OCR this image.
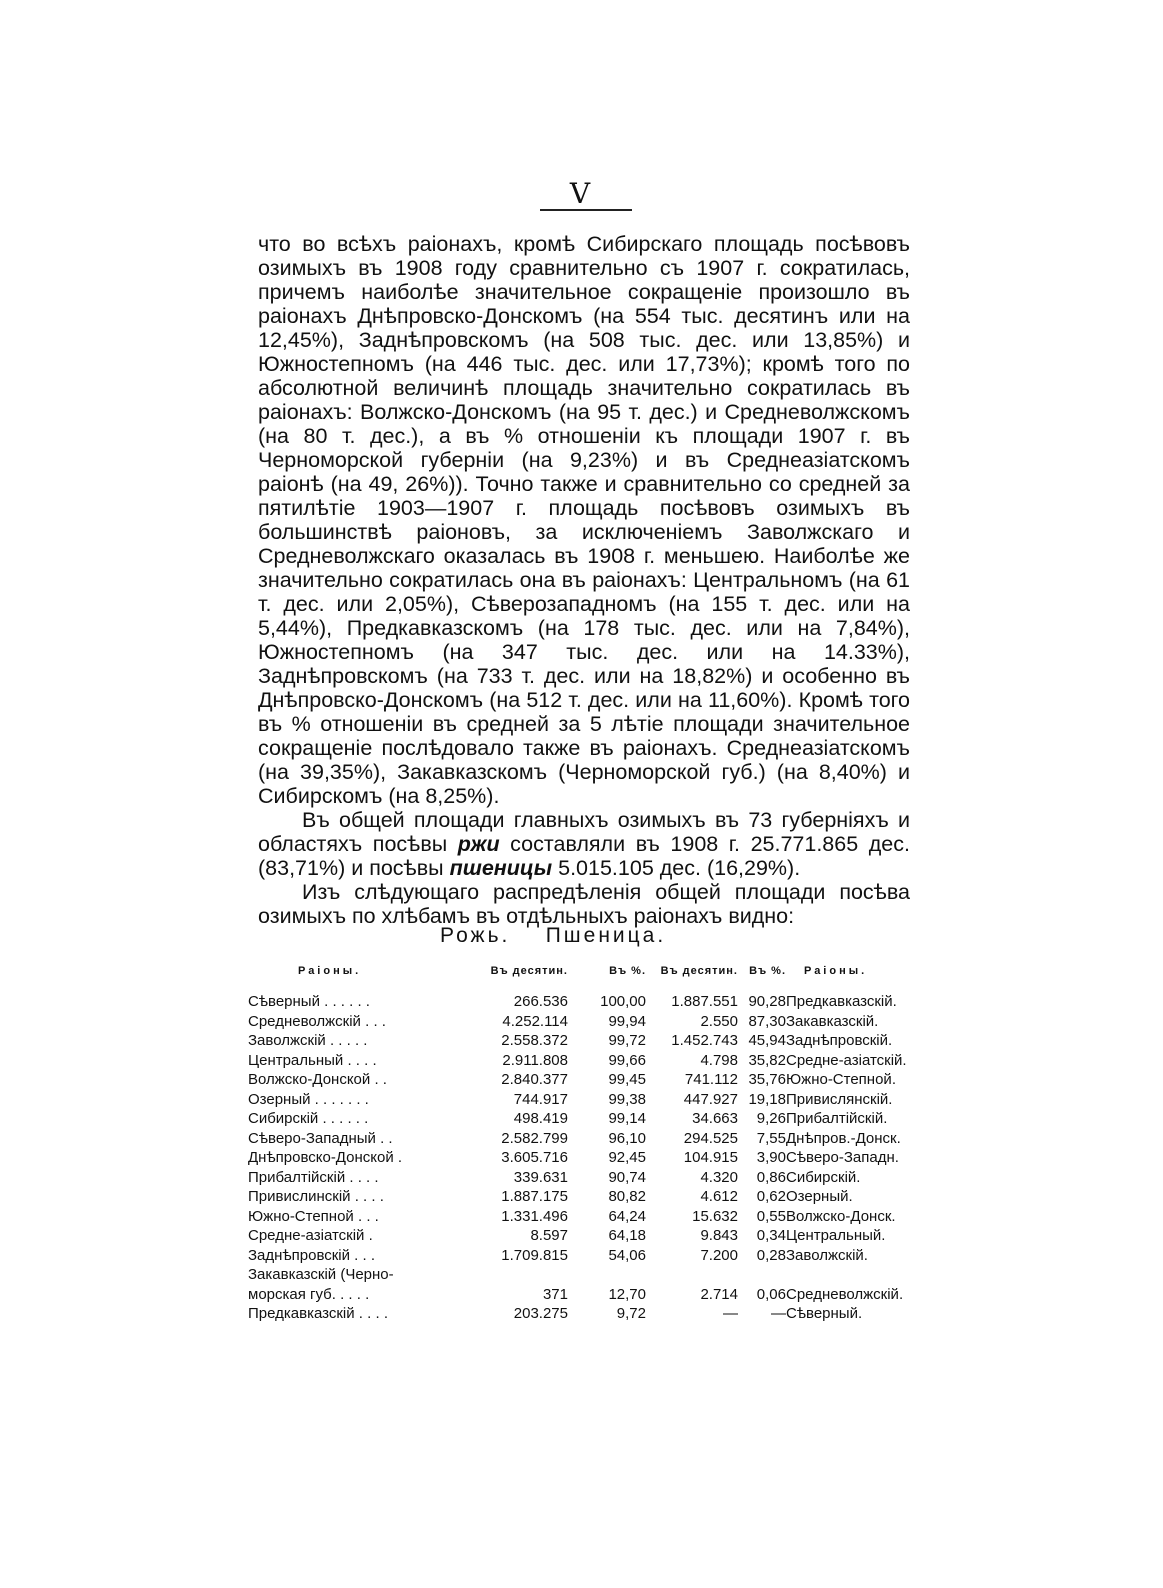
V

что во всѣхъ раіонахъ, кромѣ Сибирскаго площадь посѣвовъ озимыхъ въ 1908 году сравнительно съ 1907 г. сократилась, причемъ наиболѣе значительное сокращеніе произошло въ раіонахъ Днѣпровско-Донскомъ (на 554 тыс. десятинъ или на 12,45%), Заднѣпровскомъ (на 508 тыс. дес. или 13,85%) и Южностепномъ (на 446 тыс. дес. или 17,73%); кромѣ того по абсолютной величинѣ площадь значительно сократилась въ раіонахъ: Волжско-Донскомъ (на 95 т. дес.) и Средневолжскомъ (на 80 т. дес.), а въ % отношеніи къ площади 1907 г. въ Черноморской губерніи (на 9,23%) и въ Среднеазіатскомъ раіонѣ (на 49, 26%)). Точно также и сравнительно со средней за пятилѣтіе 1903—1907 г. площадь посѣвовъ озимыхъ въ большинствѣ раіоновъ, за исключеніемъ Заволжскаго и Средневолжскаго оказалась въ 1908 г. меньшею. Наиболѣе же значительно сократилась она въ раіонахъ: Центральномъ (на 61 т. дес. или 2,05%), Сѣверозападномъ (на 155 т. дес. или на 5,44%), Предкавказскомъ (на 178 тыс. дес. или на 7,84%), Южностепномъ (на 347 тыс. дес. или на 14.33%), Заднѣпровскомъ (на 733 т. дес. или на 18,82%) и особенно въ Днѣпровско-Донскомъ (на 512 т. дес. или на 11,60%). Кромѣ того въ % отношеніи въ средней за 5 лѣтіе площади значительное сокращеніе послѣдовало также въ раіонахъ. Среднеазіатскомъ (на 39,35%), Закавказскомъ (Черноморской губ.) (на 8,40%) и Сибирскомъ (на 8,25%).

Въ общей площади главныхъ озимыхъ въ 73 губерніяхъ и областяхъ посѣвы ржи составляли въ 1908 г. 25.771.865 дес. (83,71%) и посѣвы пшеницы 5.015.105 дес. (16,29%).

Изъ слѣдующаго распредѣленія общей площади посѣва озимыхъ по хлѣбамъ въ отдѣльныхъ раіонахъ видно:

Рожь. Пшеница.
Раіоны.	Въ десятин.	Въ %.	Въ десятин.	Въ %.	Раіоны.
Сѣверный . . . . . .	266.536	100,00	1.887.551	90,28	Предкавказскій.
Средневолжскій . . .	4.252.114	99,94	2.550	87,30	Закавказскій.
Заволжскій . . . . .	2.558.372	99,72	1.452.743	45,94	Заднѣпровскій.
Центральный . . . .	2.911.808	99,66	4.798	35,82	Средне-азіатскій.
Волжско-Донской . .	2.840.377	99,45	741.112	35,76	Южно-Степной.
Озерный . . . . . . .	744.917	99,38	447.927	19,18	Привислянскій.
Сибирскій . . . . . .	498.419	99,14	34.663	9,26	Прибалтійскій.
Сѣверо-Западный . .	2.582.799	96,10	294.525	7,55	Днѣпров.-Донск.
Днѣпровско-Донской .	3.605.716	92,45	104.915	3,90	Сѣверо-Западн.
Прибалтійскій . . . .	339.631	90,74	4.320	0,86	Сибирскій.
Привислинскій . . . .	1.887.175	80,82	4.612	0,62	Озерный.
Южно-Степной . . .	1.331.496	64,24	15.632	0,55	Волжско-Донск.
Средне-азіатскій .	8.597	64,18	9.843	0,34	Центральный.
Заднѣпровскій . . .	1.709.815	54,06	7.200	0,28	Заволжскій.
Закавказскій (Черно-					
морская губ. . . . .	371	12,70	2.714	0,06	Средневолжскій.
Предкавказскій . . . .	203.275	9,72	—	—	Сѣверный.
